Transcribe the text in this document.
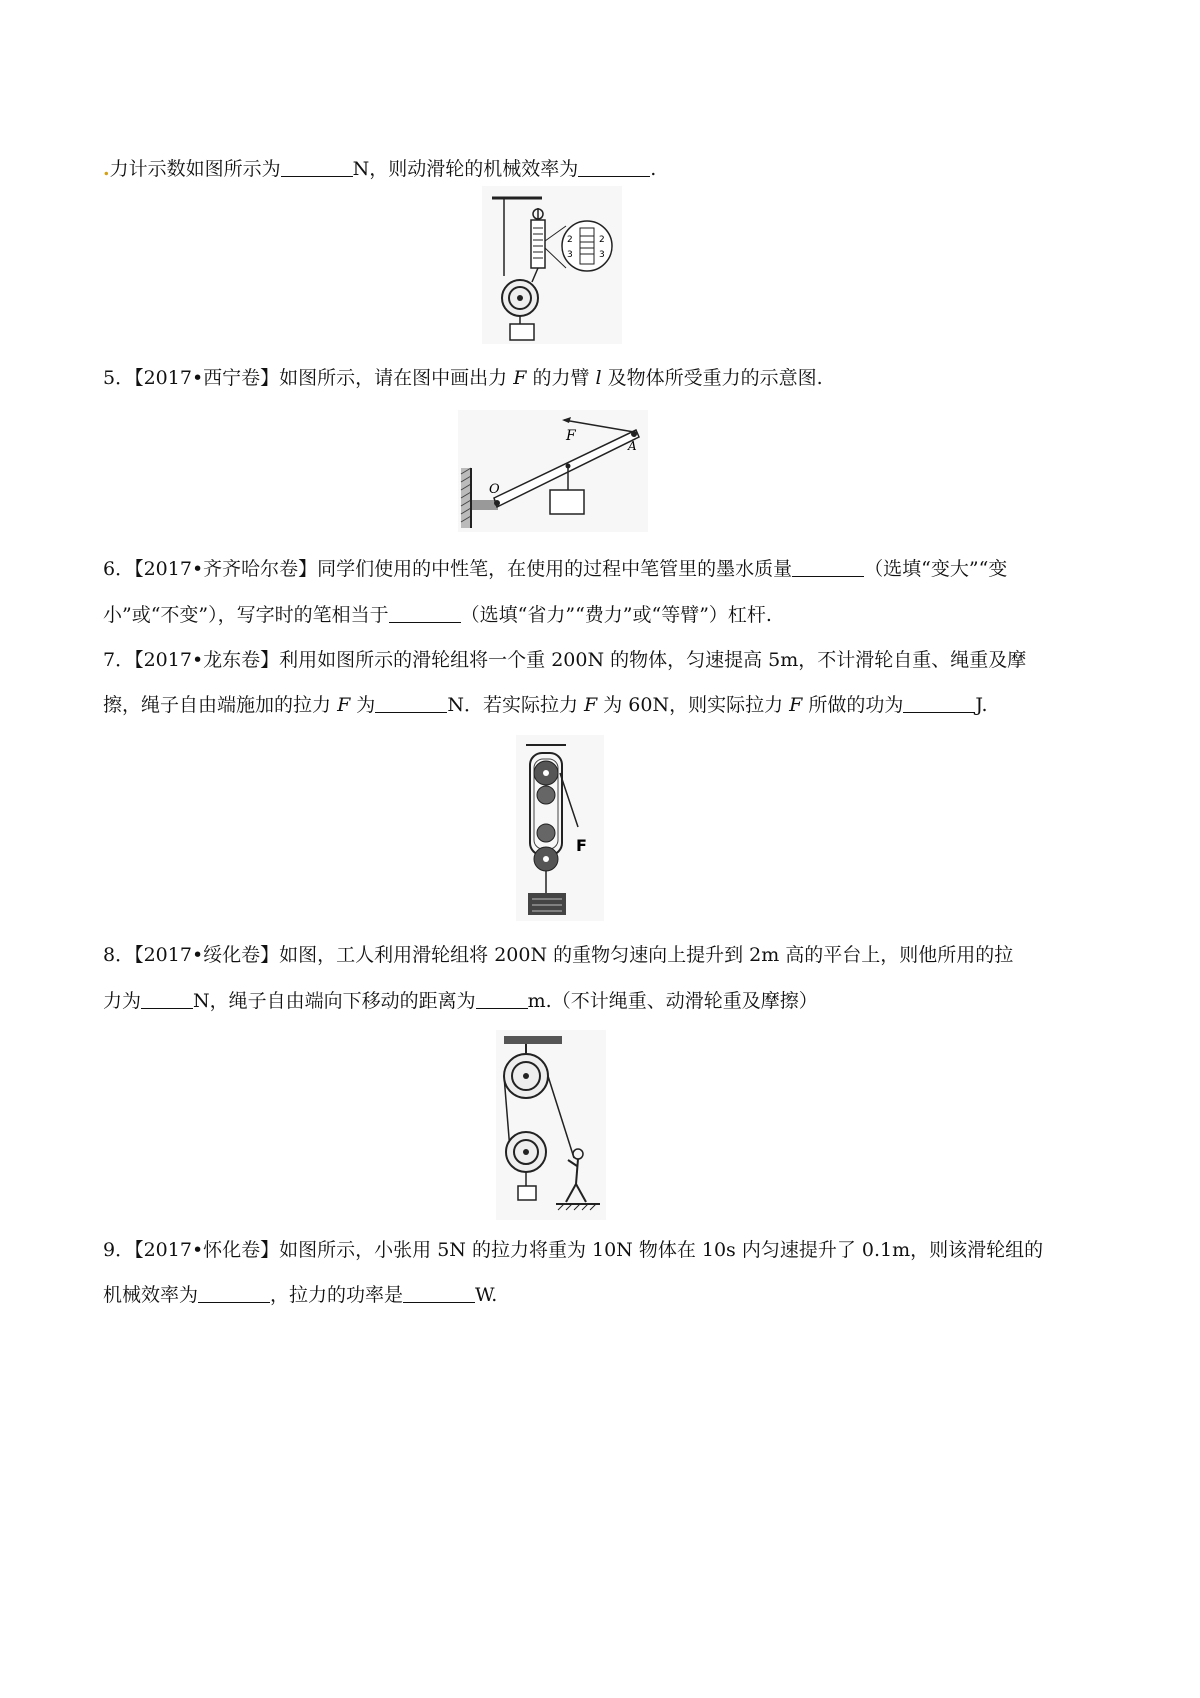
.力计示数如图所示为	N，则动滑轮的机械效率为	.
2
3
2
3
5．【2017•西宁卷】如图所示，请在图中画出力 F 的力臂 l 及物体所受重力的示意图.
F
A
O
6．【2017•齐齐哈尔卷】同学们使用的中性笔，在使用的过程中笔管里的墨水质量	（选填“变大”“变
小”或“不变”），写字时的笔相当于	（选填“省力”“费力”或“等臂”）杠杆.
7．【2017•龙东卷】利用如图所示的滑轮组将一个重 200N 的物体，匀速提高 5m，不计滑轮自重、绳重及摩
擦，绳子自由端施加的拉力 F 为	N．若实际拉力 F 为 60N，则实际拉力 F 所做的功为	J.
F
8．【2017•绥化卷】如图，工人利用滑轮组将 200N 的重物匀速向上提升到 2m 高的平台上，则他所用的拉
力为	N，绳子自由端向下移动的距离为	m.（不计绳重、动滑轮重及摩擦）
9．【2017•怀化卷】如图所示，小张用 5N 的拉力将重为 10N 物体在 10s 内匀速提升了 0.1m，则该滑轮组的
机械效率为	，拉力的功率是	W.
